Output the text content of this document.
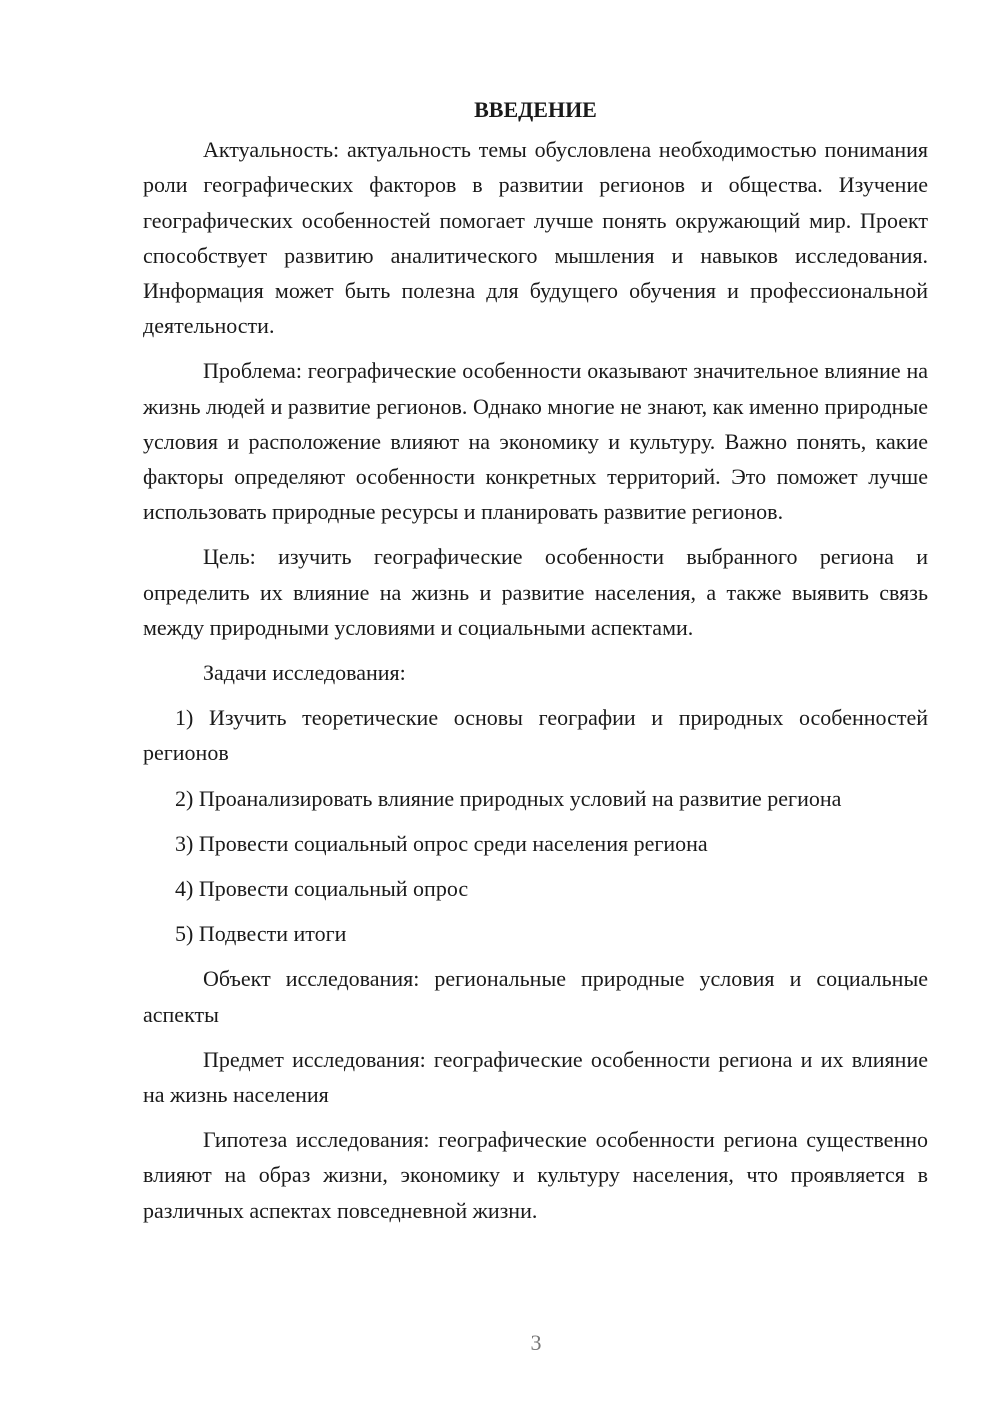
ВВЕДЕНИЕ

Актуальность: актуальность темы обусловлена необходимостью понимания роли географических факторов в развитии регионов и общества. Изучение географических особенностей помогает лучше понять окружающий мир. Проект способствует развитию аналитического мышления и навыков исследования. Информация может быть полезна для будущего обучения и профессиональной деятельности.

Проблема: географические особенности оказывают значительное влияние на жизнь людей и развитие регионов. Однако многие не знают, как именно природные условия и расположение влияют на экономику и культуру. Важно понять, какие факторы определяют особенности конкретных территорий. Это поможет лучше использовать природные ресурсы и планировать развитие регионов.

Цель: изучить географические особенности выбранного региона и определить их влияние на жизнь и развитие населения, а также выявить связь между природными условиями и социальными аспектами.

Задачи исследования:

1) Изучить теоретические основы географии и природных особенностей регионов

2) Проанализировать влияние природных условий на развитие региона

3) Провести социальный опрос среди населения региона

4) Провести социальный опрос

5) Подвести итоги

Объект исследования: региональные природные условия и социальные аспекты

Предмет исследования: географические особенности региона и их влияние на жизнь населения

Гипотеза исследования: географические особенности региона существенно влияют на образ жизни, экономику и культуру населения, что проявляется в различных аспектах повседневной жизни.

3
